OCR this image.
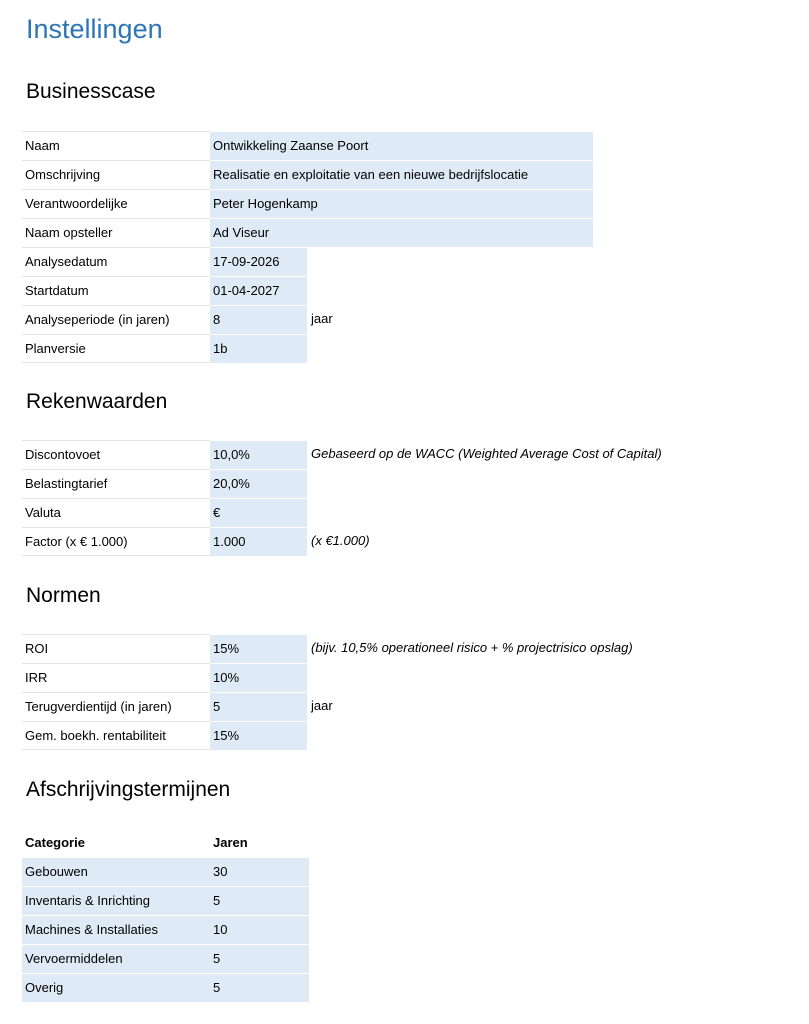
Instellingen
Businesscase
Naam	Ontwikkeling Zaanse Poort
Omschrijving	Realisatie en exploitatie van een nieuwe bedrijfslocatie
Verantwoordelijke	Peter Hogenkamp
Naam opsteller	Ad Viseur
Analysedatum	17-09-2026
Startdatum	01-04-2027
Analyseperiode (in jaren)	8	jaar
Planversie	1b
Rekenwaarden
Discontovoet	10,0%	Gebaseerd op de WACC (Weighted Average Cost of Capital)
Belastingtarief	20,0%
Valuta	€
Factor (x € 1.000)	1.000	(x €1.000)
Normen
ROI	15%	(bijv. 10,5% operationeel risico + % projectrisico opslag)
IRR	10%
Terugverdientijd (in jaren)	5	jaar
Gem. boekh. rentabiliteit	15%
Afschrijvingstermijnen
Categorie	Jaren
Gebouwen	30
Inventaris & Inrichting	5
Machines & Installaties	10
Vervoermiddelen	5
Overig	5
